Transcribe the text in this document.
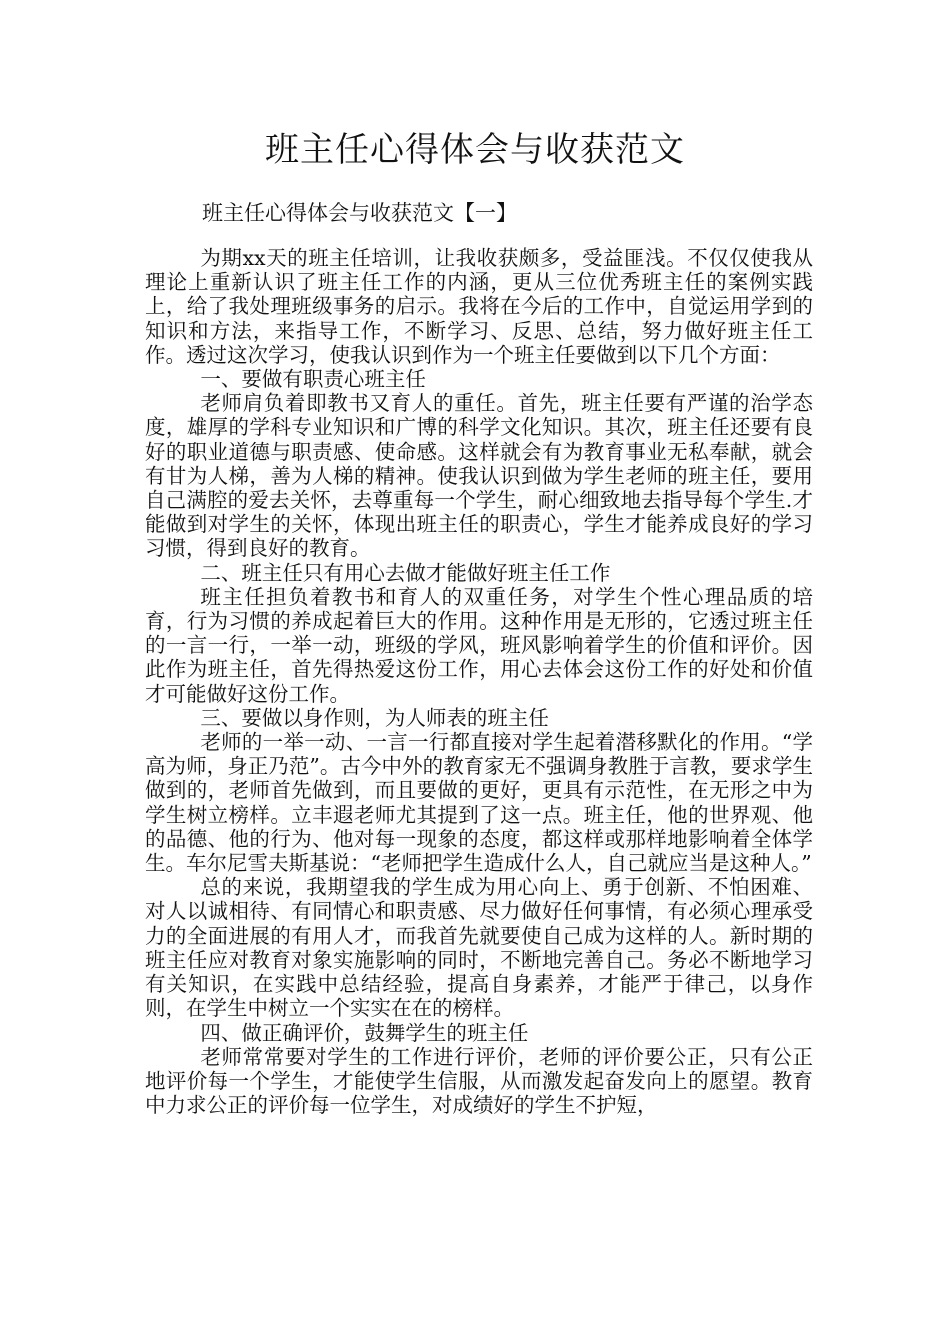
班主任心得体会与收获范文
班主任心得体会与收获范文【一】

为期xx天的班主任培训，让我收获颇多，受益匪浅。不仅仅使我从理论上重新认识了班主任工作的内涵，更从三位优秀班主任的案例实践上，给了我处理班级事务的启示。我将在今后的工作中，自觉运用学到的知识和方法，来指导工作，不断学习、反思、总结，努力做好班主任工作。透过这次学习，使我认识到作为一个班主任要做到以下几个方面：

一、要做有职责心班主任

老师肩负着即教书又育人的重任。首先，班主任要有严谨的治学态度，雄厚的学科专业知识和广博的科学文化知识。其次，班主任还要有良好的职业道德与职责感、使命感。这样就会有为教育事业无私奉献，就会有甘为人梯，善为人梯的精神。使我认识到做为学生老师的班主任，要用自己满腔的爱去关怀，去尊重每一个学生，耐心细致地去指导每个学生.才能做到对学生的关怀，体现出班主任的职责心，学生才能养成良好的学习习惯，得到良好的教育。

二、班主任只有用心去做才能做好班主任工作

班主任担负着教书和育人的双重任务，对学生个性心理品质的培育，行为习惯的养成起着巨大的作用。这种作用是无形的，它透过班主任的一言一行，一举一动，班级的学风，班风影响着学生的价值和评价。因此作为班主任，首先得热爱这份工作，用心去体会这份工作的好处和价值才可能做好这份工作。

三、要做以身作则，为人师表的班主任

老师的一举一动、一言一行都直接对学生起着潜移默化的作用。“学高为师，身正乃范”。古今中外的教育家无不强调身教胜于言教，要求学生做到的，老师首先做到，而且要做的更好，更具有示范性，在无形之中为学生树立榜样。立丰遐老师尤其提到了这一点。班主任，他的世界观、他的品德、他的行为、他对每一现象的态度，都这样或那样地影响着全体学生。车尔尼雪夫斯基说：“老师把学生造成什么人，自己就应当是这种人。”

总的来说，我期望我的学生成为用心向上、勇于创新、不怕困难、对人以诚相待、有同情心和职责感、尽力做好任何事情，有必须心理承受力的全面进展的有用人才，而我首先就要使自己成为这样的人。新时期的班主任应对教育对象实施影响的同时，不断地完善自己。务必不断地学习有关知识，在实践中总结经验，提高自身素养，才能严于律己，以身作则，在学生中树立一个实实在在的榜样。

四、做正确评价，鼓舞学生的班主任

老师常常要对学生的工作进行评价，老师的评价要公正，只有公正地评价每一个学生，才能使学生信服，从而激发起奋发向上的愿望。教育中力求公正的评价每一位学生，对成绩好的学生不护短，
